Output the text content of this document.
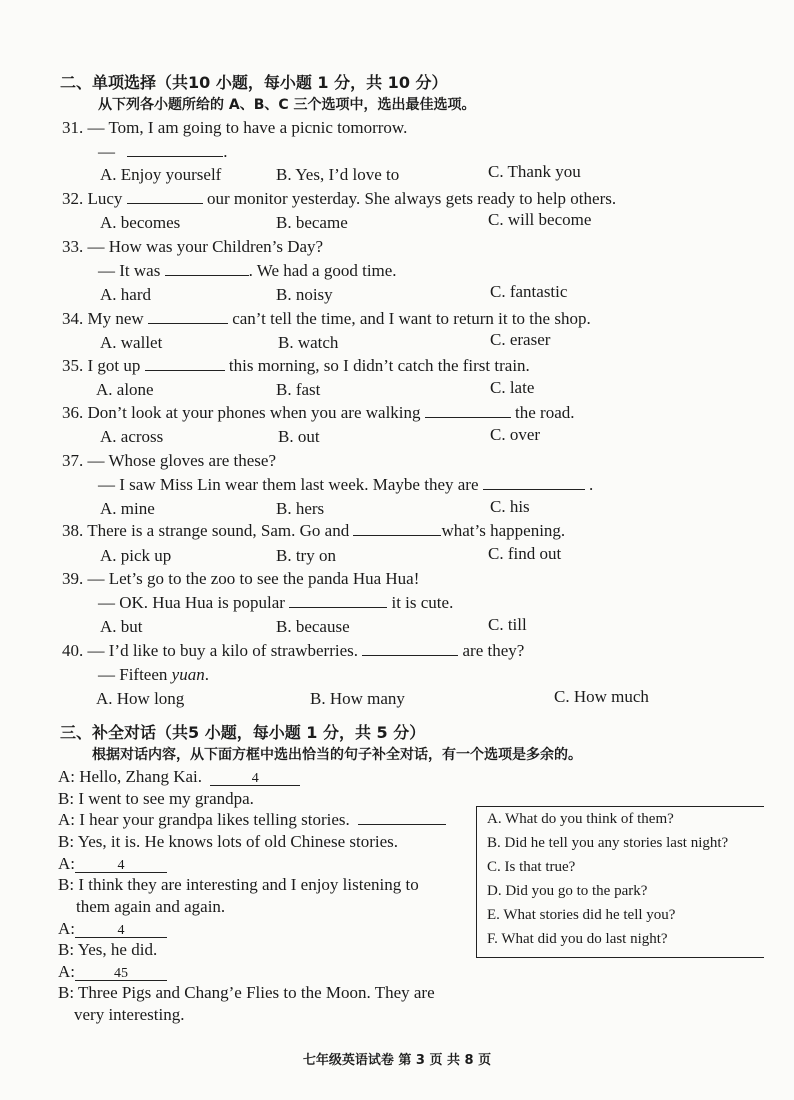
二、单项选择（共10 小题，每小题 1 分，共 10 分）
从下列各小题所给的 A、B、C 三个选项中，选出最佳选项。
31. — Tom, I am going to have a picnic tomorrow.
—	.
A. Enjoy yourself	B. Yes, I’d love to	C. Thank you
32. Lucy	our monitor yesterday. She always gets ready to help others.
A. becomes	B. became	C. will become
33. — How was your Children’s Day?
— It was	. We had a good time.
A. hard	B. noisy	C. fantastic
34. My new	can’t tell the time, and I want to return it to the shop.
A. wallet	B. watch	C. eraser
35. I got up	this morning, so I didn’t catch the first train.
A. alone	B. fast	C. late
36. Don’t look at your phones when you are walking	the road.
A. across	B. out	C. over
37. — Whose gloves are these?
— I saw Miss Lin wear them last week. Maybe they are	.
A. mine	B. hers	C. his
38. There is a strange sound, Sam. Go and	what’s happening.
A. pick up	B. try on	C. find out
39. — Let’s go to the zoo to see the panda Hua Hua!
— OK. Hua Hua is popular	it is cute.
A. but	B. because	C. till
40. — I’d like to buy a kilo of strawberries.	are they?
— Fifteen yuan.
A. How long	B. How many	C. How much
三、补全对话（共5 小题，每小题 1 分，共 5 分）
根据对话内容，从下面方框中选出恰当的句子补全对话，有一个选项是多余的。
A: Hello, Zhang Kai.	4
B: I went to see my grandpa.
A: I hear your grandpa likes telling stories.
B: Yes, it is. He knows lots of old Chinese stories.
A:	4
B: I think they are interesting and I enjoy listening to
them again and again.
A:	4
B: Yes, he did.
A:	45
B: Three Pigs and Chang’e Flies to the Moon. They are
very interesting.
A. What do you think of them?
B. Did he tell you any stories last night?
C. Is that true?
D. Did you go to the park?
E. What stories did he tell you?
F. What did you do last night?
七年级英语试卷 第 3 页 共 8 页
